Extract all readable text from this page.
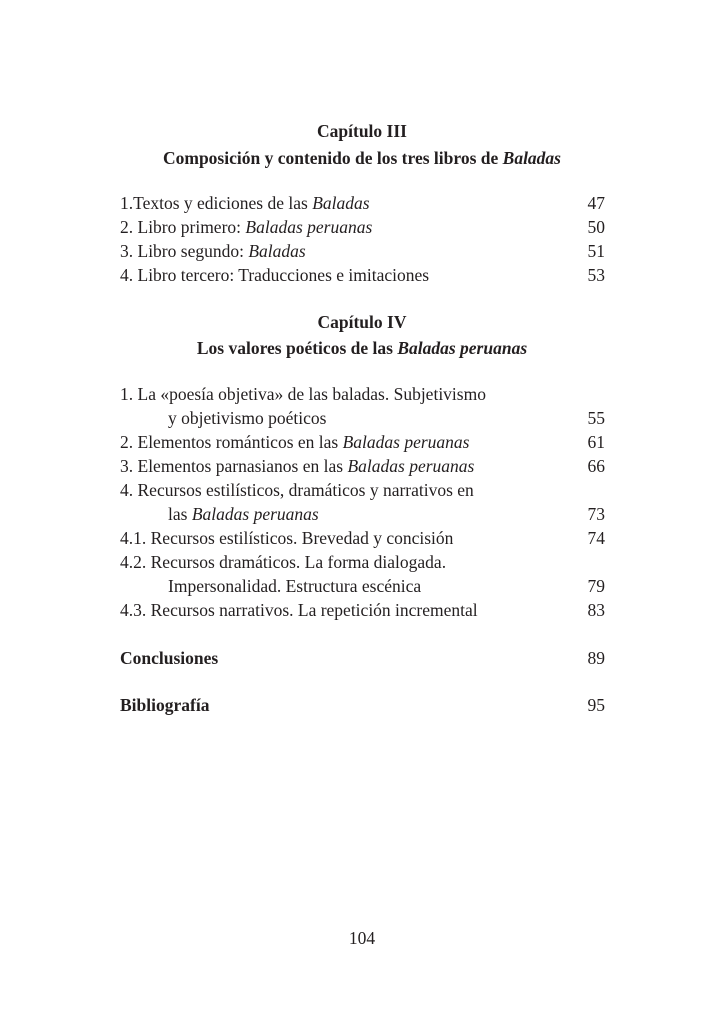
Capítulo III
Composición y contenido de los tres libros de Baladas
1.Textos y ediciones de las Baladas	47
2. Libro primero: Baladas peruanas	50
3. Libro segundo: Baladas	51
4. Libro tercero: Traducciones e imitaciones	53
Capítulo IV
Los valores poéticos de las Baladas peruanas
1. La «poesía objetiva» de las baladas. Subjetivismo
y objetivismo poéticos	55
2. Elementos románticos en las Baladas peruanas	61
3. Elementos parnasianos en las Baladas peruanas	66
4. Recursos estilísticos, dramáticos y narrativos en
las Baladas peruanas	73
4.1. Recursos estilísticos. Brevedad y concisión	74
4.2. Recursos dramáticos. La forma dialogada.
Impersonalidad. Estructura escénica	79
4.3. Recursos narrativos. La repetición incremental	83
Conclusiones	89
Bibliografía	95
104
